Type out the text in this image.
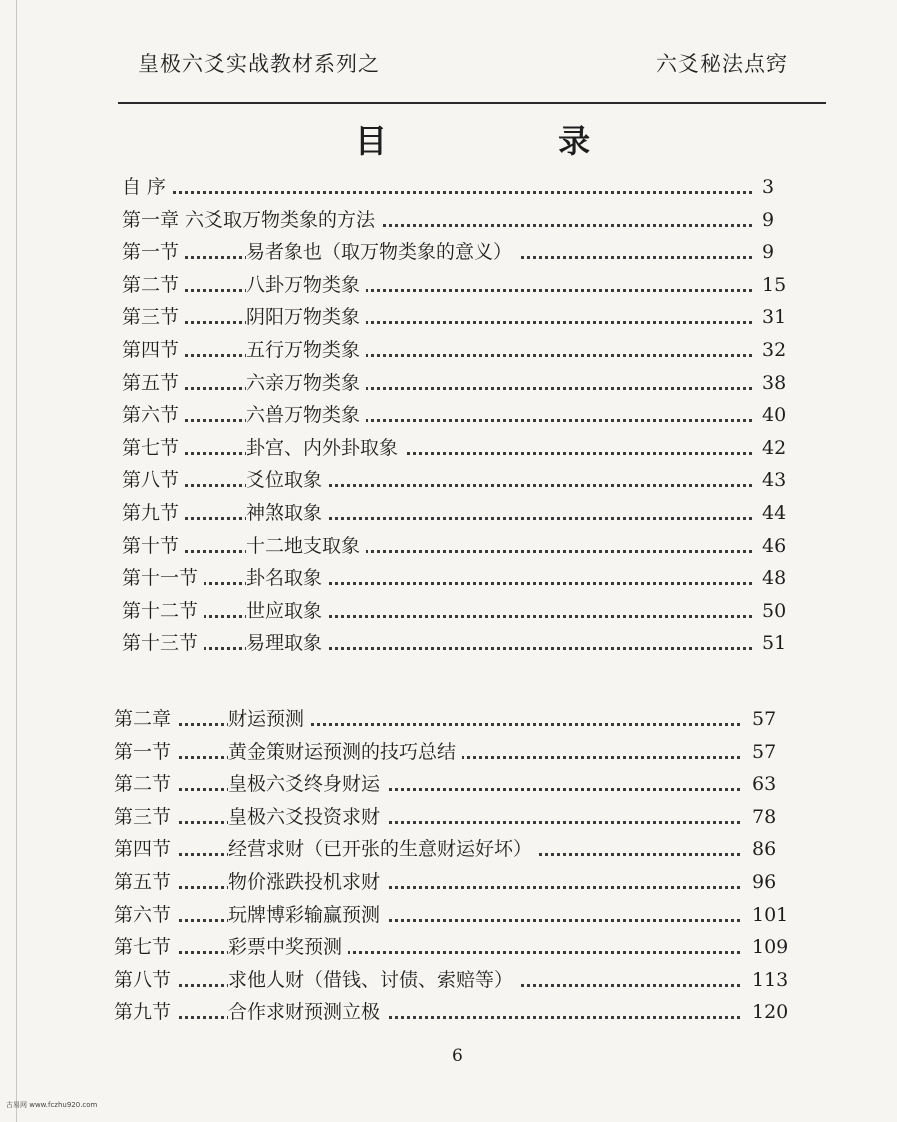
皇极六爻实战教材系列之	六爻秘法点窍
目 录
自 序	3
第一章 六爻取万物类象的方法	9
第一节	易者象也（取万物类象的意义）	9
第二节	八卦万物类象	15
第三节	阴阳万物类象	31
第四节	五行万物类象	32
第五节	六亲万物类象	38
第六节	六兽万物类象	40
第七节	卦宫、内外卦取象	42
第八节	爻位取象	43
第九节	神煞取象	44
第十节	十二地支取象	46
第十一节	卦名取象	48
第十二节	世应取象	50
第十三节	易理取象	51
第二章	财运预测	57
第一节	黄金策财运预测的技巧总结	57
第二节	皇极六爻终身财运	63
第三节	皇极六爻投资求财	78
第四节	经营求财（已开张的生意财运好坏）	86
第五节	物价涨跌投机求财	96
第六节	玩牌博彩输赢预测	101
第七节	彩票中奖预测	109
第八节	求他人财（借钱、讨债、索赔等）	113
第九节	合作求财预测立极	120
6
古易网 www.fczhu920.com
